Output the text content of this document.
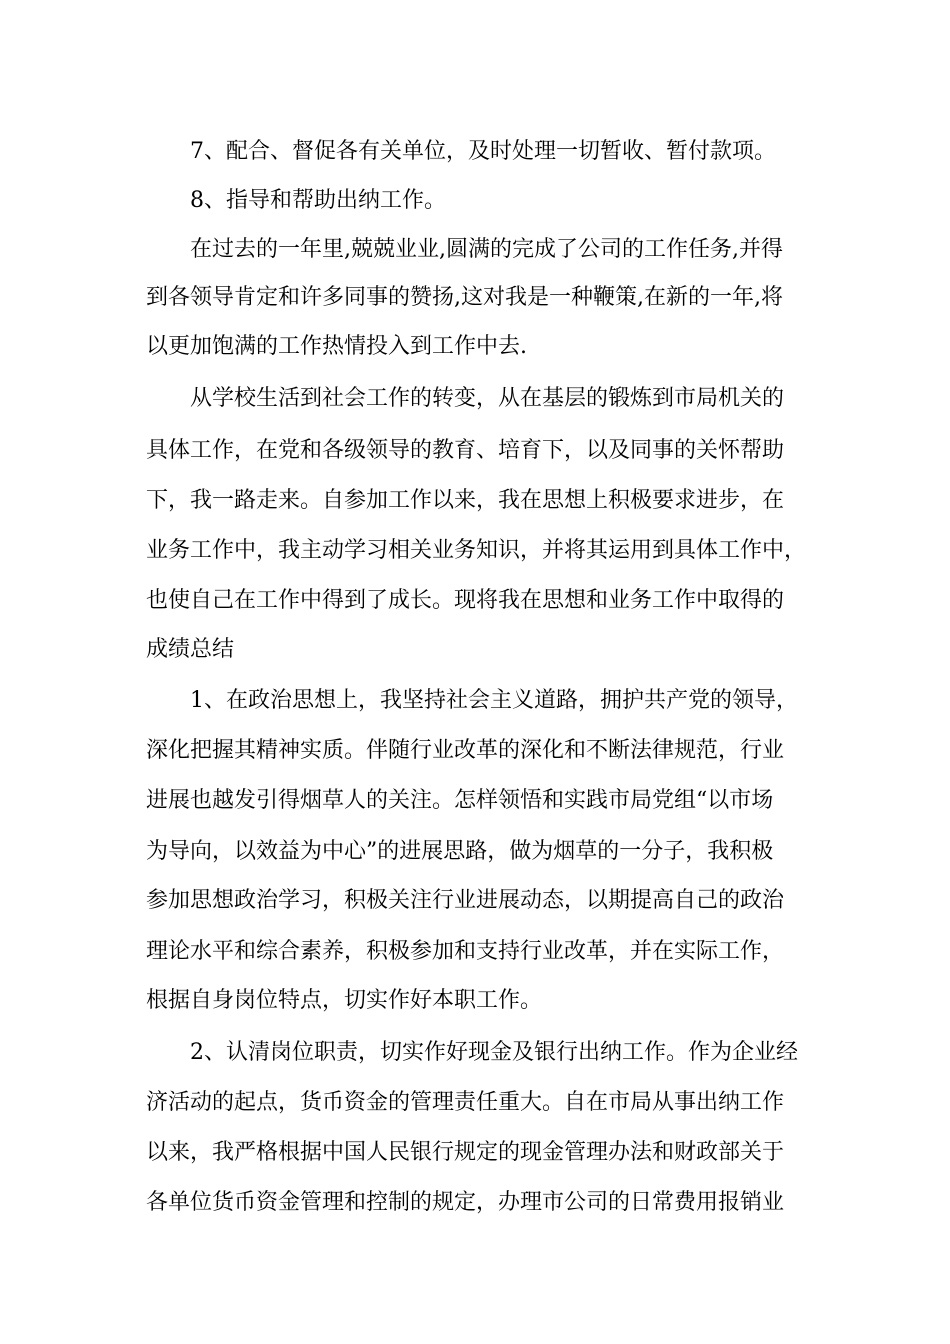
7、配合、督促各有关单位，及时处理一切暂收、暂付款项。
8、指导和帮助出纳工作。
在过去的一年里,兢兢业业,圆满的完成了公司的工作任务,并得
到各领导肯定和许多同事的赞扬,这对我是一种鞭策,在新的一年,将
以更加饱满的工作热情投入到工作中去.
从学校生活到社会工作的转变，从在基层的锻炼到市局机关的
具体工作，在党和各级领导的教育、培育下，以及同事的关怀帮助
下，我一路走来。自参加工作以来，我在思想上积极要求进步，在
业务工作中，我主动学习相关业务知识，并将其运用到具体工作中，
也使自己在工作中得到了成长。现将我在思想和业务工作中取得的
成绩总结
1、在政治思想上，我坚持社会主义道路，拥护共产党的领导，
深化把握其精神实质。伴随行业改革的深化和不断法律规范，行业
进展也越发引得烟草人的关注。怎样领悟和实践市局党组“以市场
为导向，以效益为中心”的进展思路，做为烟草的一分子，我积极
参加思想政治学习，积极关注行业进展动态，以期提高自己的政治
理论水平和综合素养，积极参加和支持行业改革，并在实际工作，
根据自身岗位特点，切实作好本职工作。
2、认清岗位职责，切实作好现金及银行出纳工作。作为企业经
济活动的起点，货币资金的管理责任重大。自在市局从事出纳工作
以来，我严格根据中国人民银行规定的现金管理办法和财政部关于
各单位货币资金管理和控制的规定，办理市公司的日常费用报销业
